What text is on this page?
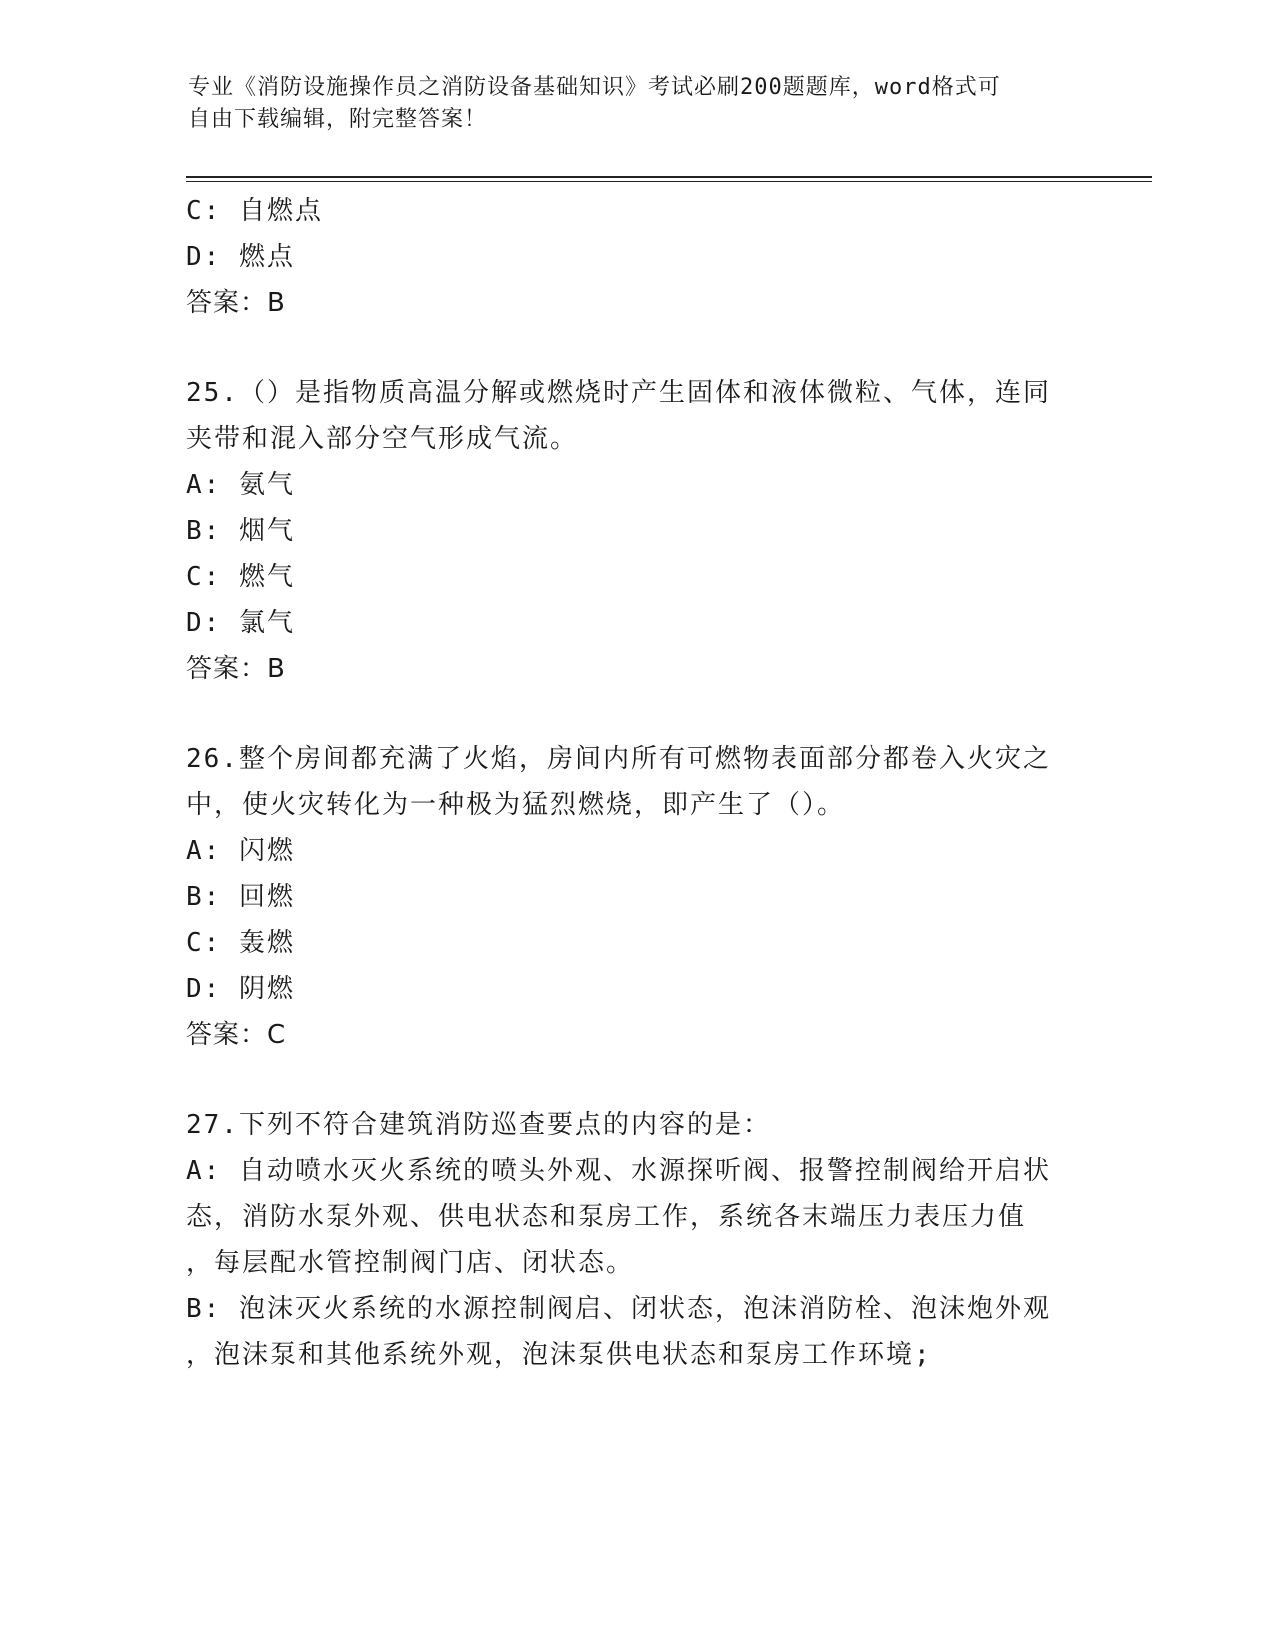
专业《消防设施操作员之消防设备基础知识》考试必刷200题题库，word格式可
自由下载编辑，附完整答案！
C: 自燃点
D: 燃点
答案：B
25.（）是指物质高温分解或燃烧时产生固体和液体微粒、气体，连同
夹带和混入部分空气形成气流。
A: 氨气
B: 烟气
C: 燃气
D: 氯气
答案：B
26.整个房间都充满了火焰，房间内所有可燃物表面部分都卷入火灾之
中，使火灾转化为一种极为猛烈燃烧，即产生了（）。
A: 闪燃
B: 回燃
C: 轰燃
D: 阴燃
答案：C
27.下列不符合建筑消防巡查要点的内容的是：
A: 自动喷水灭火系统的喷头外观、水源探听阀、报警控制阀给开启状
态，消防水泵外观、供电状态和泵房工作，系统各末端压力表压力值
，每层配水管控制阀门店、闭状态。
B: 泡沫灭火系统的水源控制阀启、闭状态，泡沫消防栓、泡沫炮外观
，泡沫泵和其他系统外观，泡沫泵供电状态和泵房工作环境;
